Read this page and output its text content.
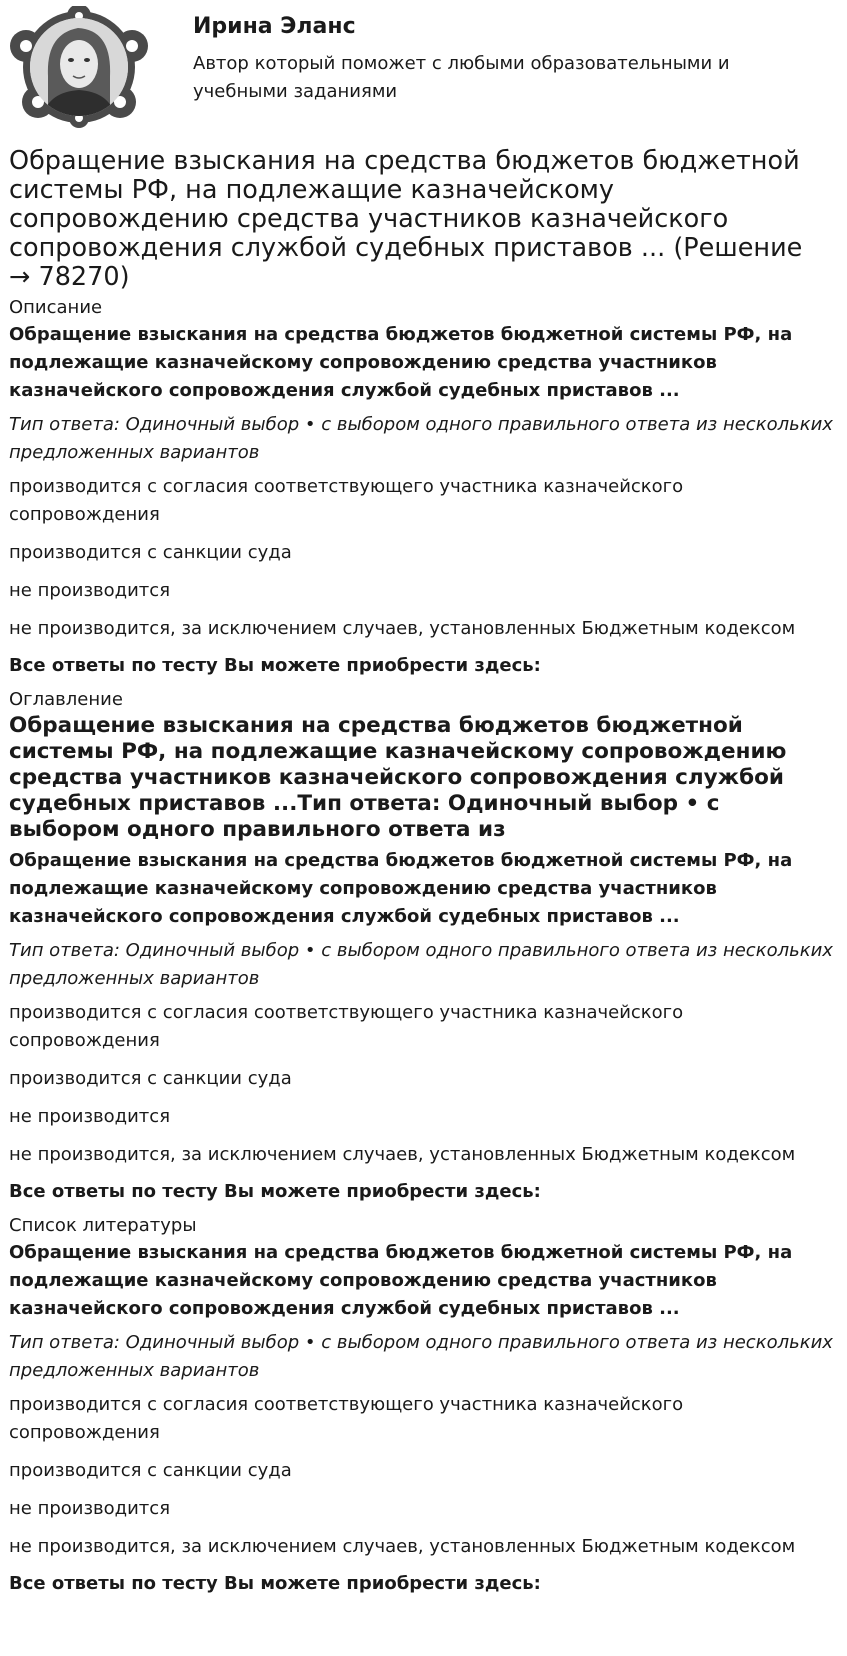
Ирина Эланс

Автор который поможет с любыми образовательными и учебными заданиями

Обращение взыскания на средства бюджетов бюджетной системы РФ, на подлежащие казначейскому сопровождению средства участников казначейского сопровождения службой судебных приставов ... (Решение → 78270)

Описание

Обращение взыскания на средства бюджетов бюджетной системы РФ, на подлежащие казначейскому сопровождению средства участников казначейского сопровождения службой судебных приставов ...

Тип ответа: Одиночный выбор • с выбором одного правильного ответа из нескольких предложенных вариантов

производится с согласия соответствующего участника казначейского сопровождения

производится с санкции суда

не производится

не производится, за исключением случаев, установленных Бюджетным кодексом

Все ответы по тесту Вы можете приобрести здесь:

Оглавление

Обращение взыскания на средства бюджетов бюджетной системы РФ, на подлежащие казначейскому сопровождению средства участников казначейского сопровождения службой судебных приставов ...Тип ответа: Одиночный выбор • с выбором одного правильного ответа из

Обращение взыскания на средства бюджетов бюджетной системы РФ, на подлежащие казначейскому сопровождению средства участников казначейского сопровождения службой судебных приставов ...

Тип ответа: Одиночный выбор • с выбором одного правильного ответа из нескольких предложенных вариантов

производится с согласия соответствующего участника казначейского сопровождения

производится с санкции суда

не производится

не производится, за исключением случаев, установленных Бюджетным кодексом

Все ответы по тесту Вы можете приобрести здесь:

Список литературы

Обращение взыскания на средства бюджетов бюджетной системы РФ, на подлежащие казначейскому сопровождению средства участников казначейского сопровождения службой судебных приставов ...

Тип ответа: Одиночный выбор • с выбором одного правильного ответа из нескольких предложенных вариантов

производится с согласия соответствующего участника казначейского сопровождения

производится с санкции суда

не производится

не производится, за исключением случаев, установленных Бюджетным кодексом

Все ответы по тесту Вы можете приобрести здесь:
